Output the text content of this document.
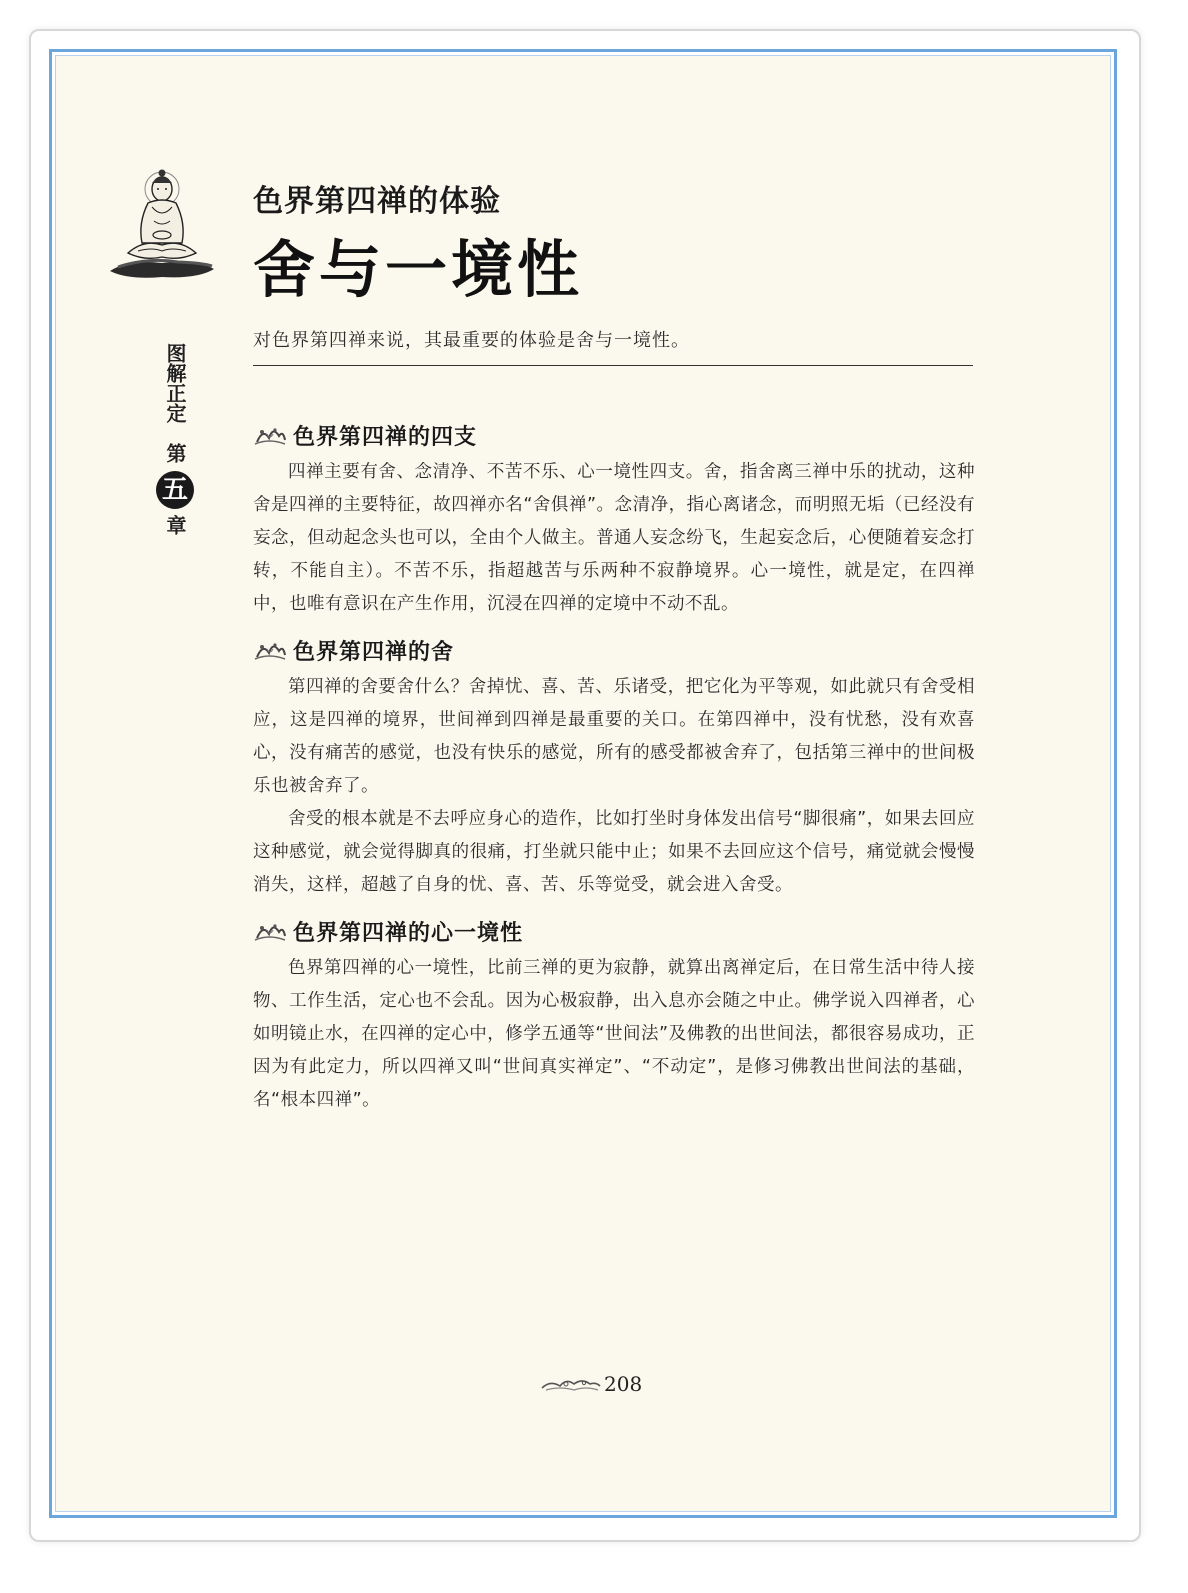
色界第四禅的体验
舍与一境性
图解正定
第
五
章

对色界第四禅来说，其最重要的体验是舍与一境性。

色界第四禅的四支

四禅主要有舍、念清净、不苦不乐、心一境性四支。舍，指舍离三禅中乐的扰动，这种舍是四禅的主要特征，故四禅亦名“舍俱禅”。念清净，指心离诸念，而明照无垢（已经没有妄念，但动起念头也可以，全由个人做主。普通人妄念纷飞，生起妄念后，心便随着妄念打转，不能自主）。不苦不乐，指超越苦与乐两种不寂静境界。心一境性，就是定，在四禅中，也唯有意识在产生作用，沉浸在四禅的定境中不动不乱。

色界第四禅的舍

第四禅的舍要舍什么？舍掉忧、喜、苦、乐诸受，把它化为平等观，如此就只有舍受相应，这是四禅的境界，世间禅到四禅是最重要的关口。在第四禅中，没有忧愁，没有欢喜心，没有痛苦的感觉，也没有快乐的感觉，所有的感受都被舍弃了，包括第三禅中的世间极乐也被舍弃了。

舍受的根本就是不去呼应身心的造作，比如打坐时身体发出信号“脚很痛”，如果去回应这种感觉，就会觉得脚真的很痛，打坐就只能中止；如果不去回应这个信号，痛觉就会慢慢消失，这样，超越了自身的忧、喜、苦、乐等觉受，就会进入舍受。

色界第四禅的心一境性

色界第四禅的心一境性，比前三禅的更为寂静，就算出离禅定后，在日常生活中待人接物、工作生活，定心也不会乱。因为心极寂静，出入息亦会随之中止。佛学说入四禅者，心如明镜止水，在四禅的定心中，修学五通等“世间法”及佛教的出世间法，都很容易成功，正因为有此定力，所以四禅又叫“世间真实禅定”、“不动定”，是修习佛教出世间法的基础，名“根本四禅”。

208
